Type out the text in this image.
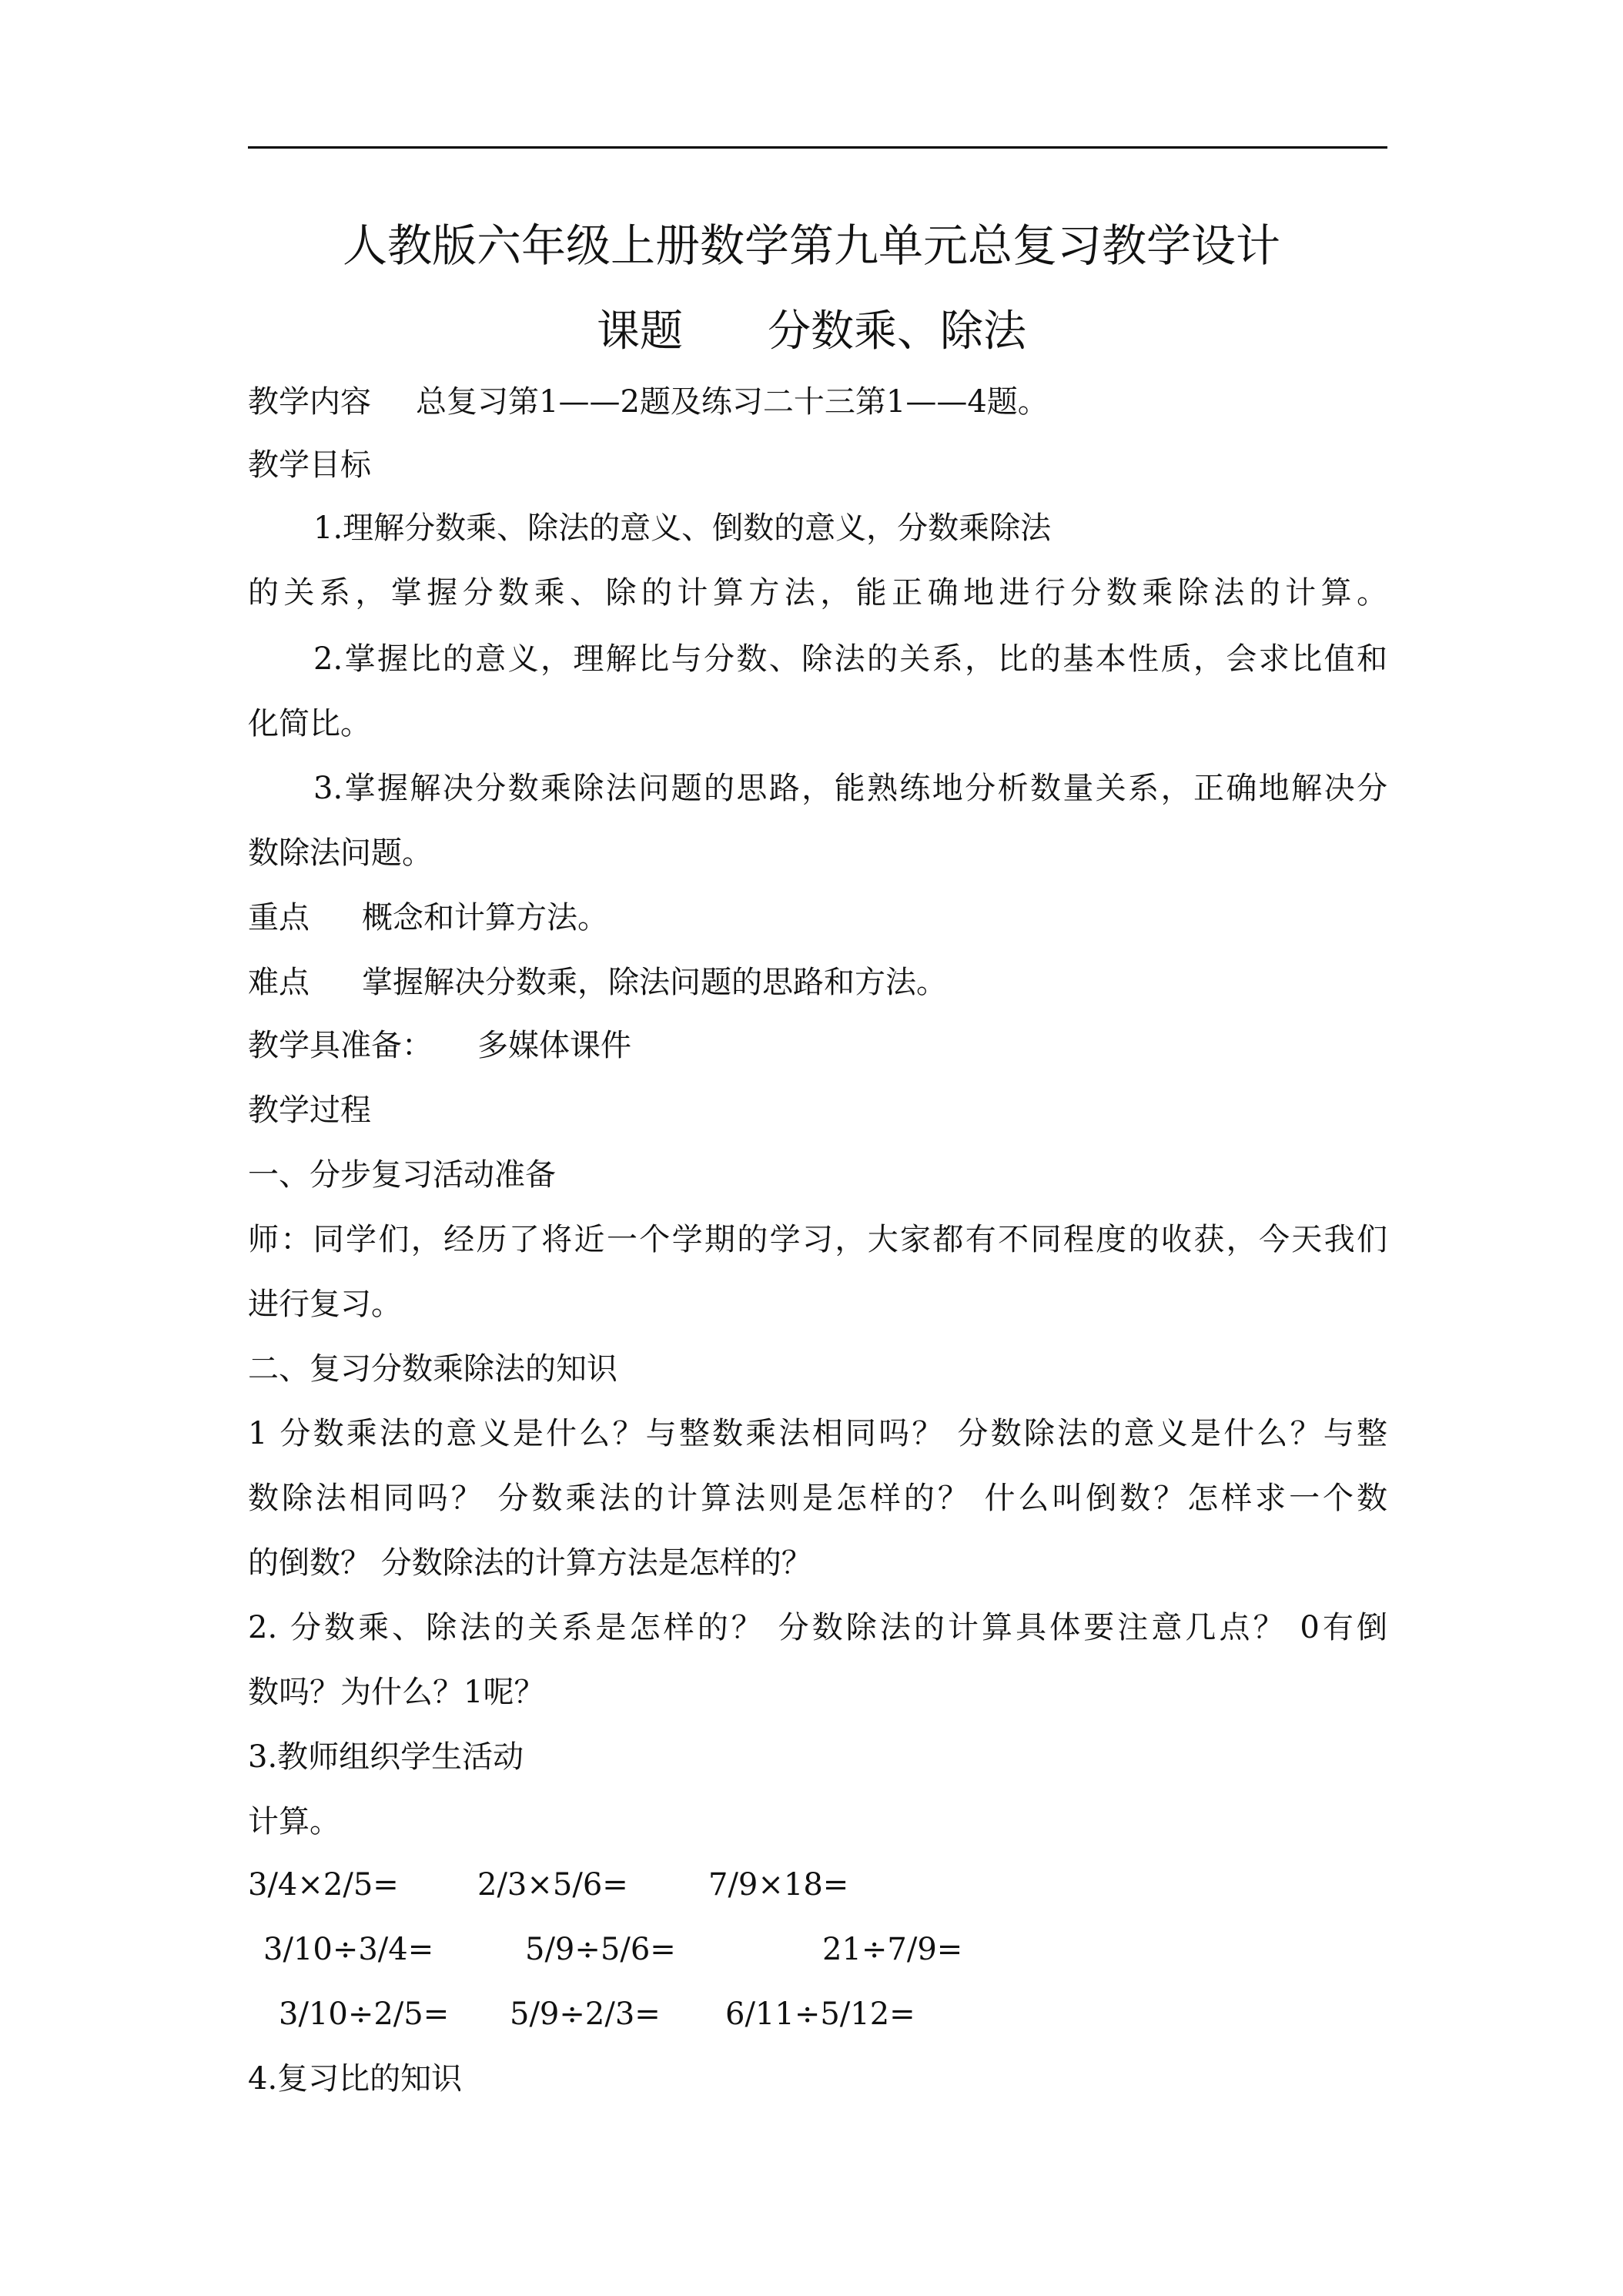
人教版六年级上册数学第九单元总复习教学设计
课题 分数乘、除法
教学内容 总复习第1——2题及练习二十三第1——4题。
教学目标
1.理解分数乘、除法的意义、倒数的意义，分数乘除法
的关系，掌握分数乘、除的计算方法，能正确地进行分数乘除法的计算。
2.掌握比的意义，理解比与分数、除法的关系，比的基本性质，会求比值和
化简比。
3.掌握解决分数乘除法问题的思路，能熟练地分析数量关系，正确地解决分
数除法问题。
重点 概念和计算方法。
难点 掌握解决分数乘，除法问题的思路和方法。
教学具准备： 多媒体课件
教学过程
一、分步复习活动准备
师：同学们，经历了将近一个学期的学习，大家都有不同程度的收获，今天我们
进行复习。
二、复习分数乘除法的知识
1 分数乘法的意义是什么？与整数乘法相同吗？ 分数除法的意义是什么？与整
数除法相同吗？ 分数乘法的计算法则是怎样的？ 什么叫倒数？怎样求一个数
的倒数？ 分数除法的计算方法是怎样的？
2. 分数乘、除法的关系是怎样的？ 分数除法的计算具体要注意几点？ 0有倒
数吗？为什么？1呢？
3.教师组织学生活动
计算。
3/4×2/5=	2/3×5/6=	7/9×18=
3/10÷3/4=	5/9÷5/6=	21÷7/9=
3/10÷2/5= 5/9÷2/3= 6/11÷5/12=
4.复习比的知识
